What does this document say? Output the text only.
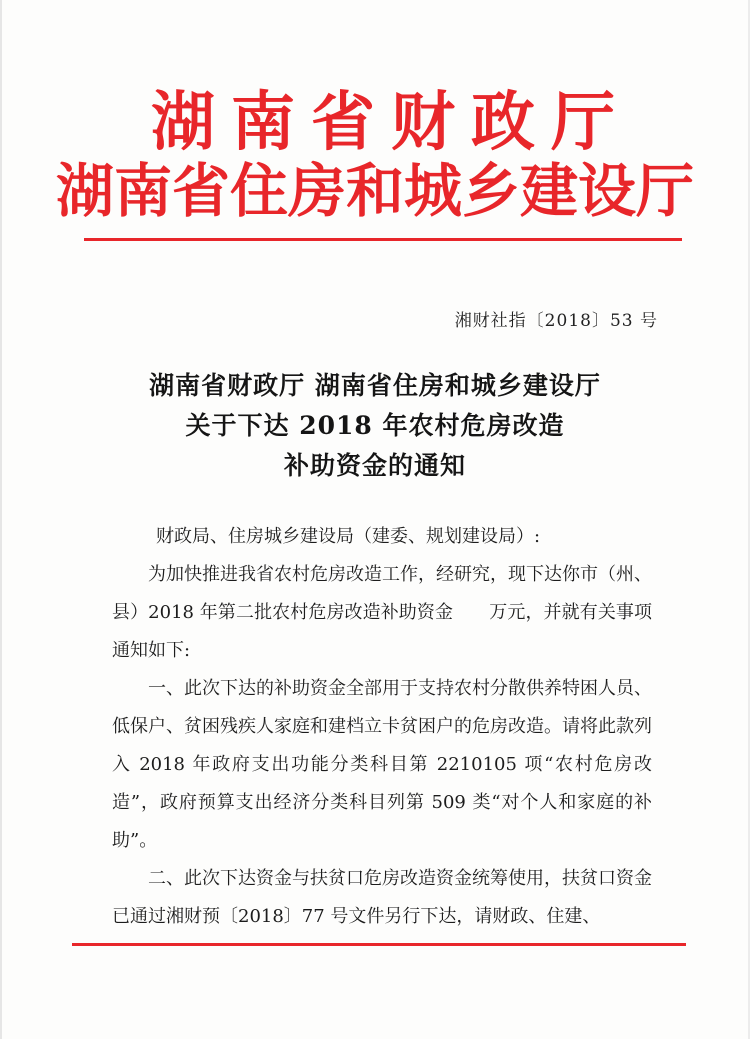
湖南省财政厅
湖南省住房和城乡建设厅
湘财社指〔2018〕53 号
湖南省财政厅 湖南省住房和城乡建设厅
关于下达 2018 年农村危房改造
补助资金的通知

财政局、住房城乡建设局（建委、规划建设局）:

为加快推进我省农村危房改造工作，经研究，现下达你市（州、县）2018 年第二批农村危房改造补助资金　　万元，并就有关事项通知如下:

一、此次下达的补助资金全部用于支持农村分散供养特困人员、低保户、贫困残疾人家庭和建档立卡贫困户的危房改造。请将此款列入 2018 年政府支出功能分类科目第 2210105 项“农村危房改造”，政府预算支出经济分类科目列第 509 类“对个人和家庭的补助”。

二、此次下达资金与扶贫口危房改造资金统筹使用，扶贫口资金已通过湘财预〔2018〕77 号文件另行下达，请财政、住建、
